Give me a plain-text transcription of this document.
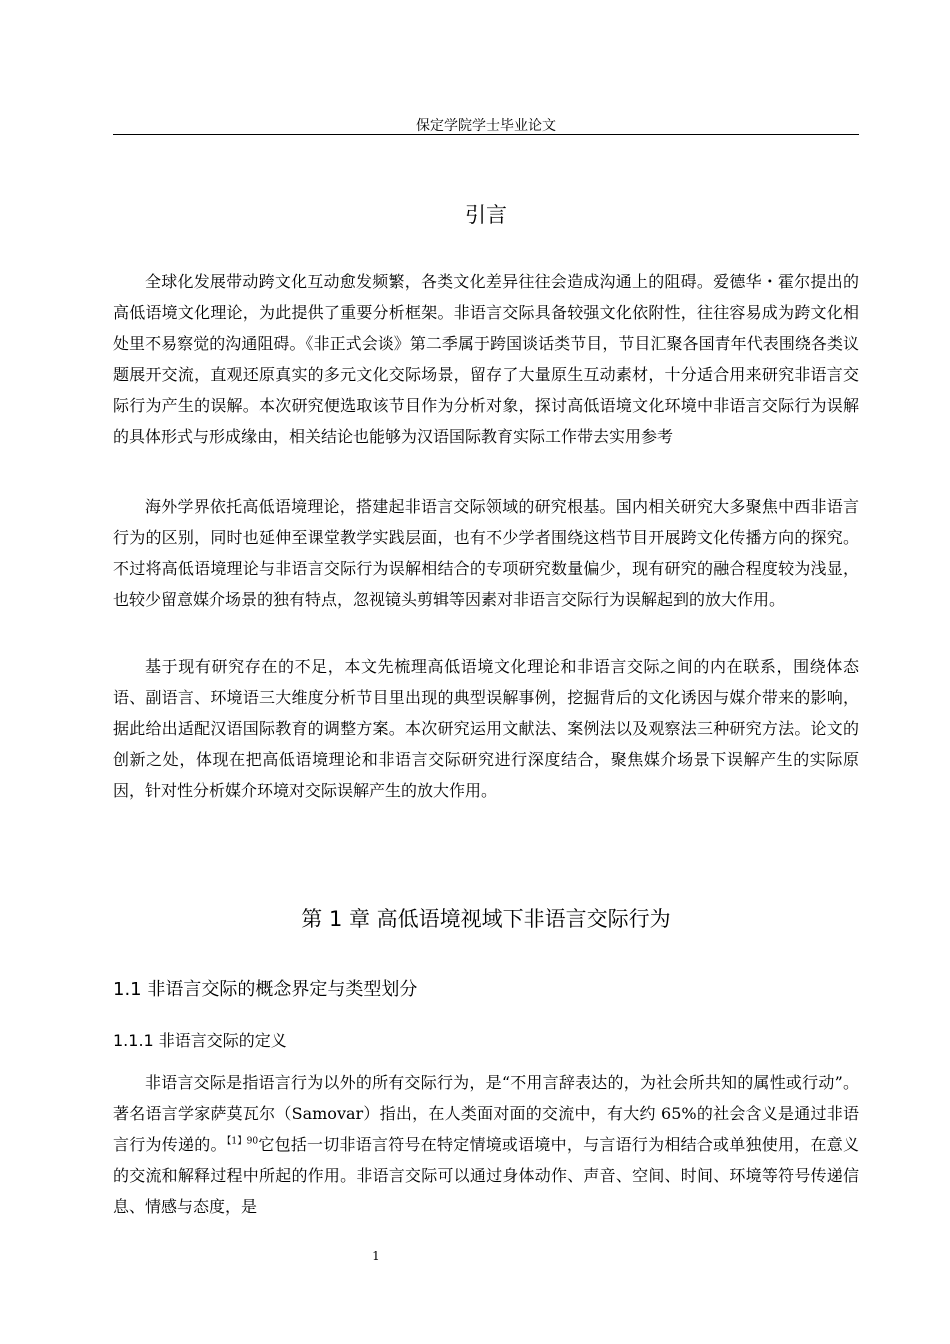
保定学院学士毕业论文
引言

全球化发展带动跨文化互动愈发频繁，各类文化差异往往会造成沟通上的阻碍。爱德华・霍尔提出的高低语境文化理论，为此提供了重要分析框架。非语言交际具备较强文化依附性，往往容易成为跨文化相处里不易察觉的沟通阻碍。《非正式会谈》第二季属于跨国谈话类节目，节目汇聚各国青年代表围绕各类议题展开交流，直观还原真实的多元文化交际场景，留存了大量原生互动素材，十分适合用来研究非语言交际行为产生的误解。本次研究便选取该节目作为分析对象，探讨高低语境文化环境中非语言交际行为误解的具体形式与形成缘由，相关结论也能够为汉语国际教育实际工作带去实用参考

海外学界依托高低语境理论，搭建起非语言交际领域的研究根基。国内相关研究大多聚焦中西非语言行为的区别，同时也延伸至课堂教学实践层面，也有不少学者围绕这档节目开展跨文化传播方向的探究。不过将高低语境理论与非语言交际行为误解相结合的专项研究数量偏少，现有研究的融合程度较为浅显，也较少留意媒介场景的独有特点，忽视镜头剪辑等因素对非语言交际行为误解起到的放大作用。

基于现有研究存在的不足，本文先梳理高低语境文化理论和非语言交际之间的内在联系，围绕体态语、副语言、环境语三大维度分析节目里出现的典型误解事例，挖掘背后的文化诱因与媒介带来的影响，据此给出适配汉语国际教育的调整方案。本次研究运用文献法、案例法以及观察法三种研究方法。论文的创新之处，体现在把高低语境理论和非语言交际研究进行深度结合，聚焦媒介场景下误解产生的实际原因，针对性分析媒介环境对交际误解产生的放大作用。

第 1 章 高低语境视域下非语言交际行为
1.1 非语言交际的概念界定与类型划分
1.1.1 非语言交际的定义

非语言交际是指语言行为以外的所有交际行为，是“不用言辞表达的，为社会所共知的属性或行动”。著名语言学家萨莫瓦尔（Samovar）指出，在人类面对面的交流中，有大约 65%的社会含义是通过非语言行为传递的。$^{【1】90}$它包括一切非语言符号在特定情境或语境中，与言语行为相结合或单独使用，在意义的交流和解释过程中所起的作用。非语言交际可以通过身体动作、声音、空间、时间、环境等符号传递信息、情感与态度，是

1
